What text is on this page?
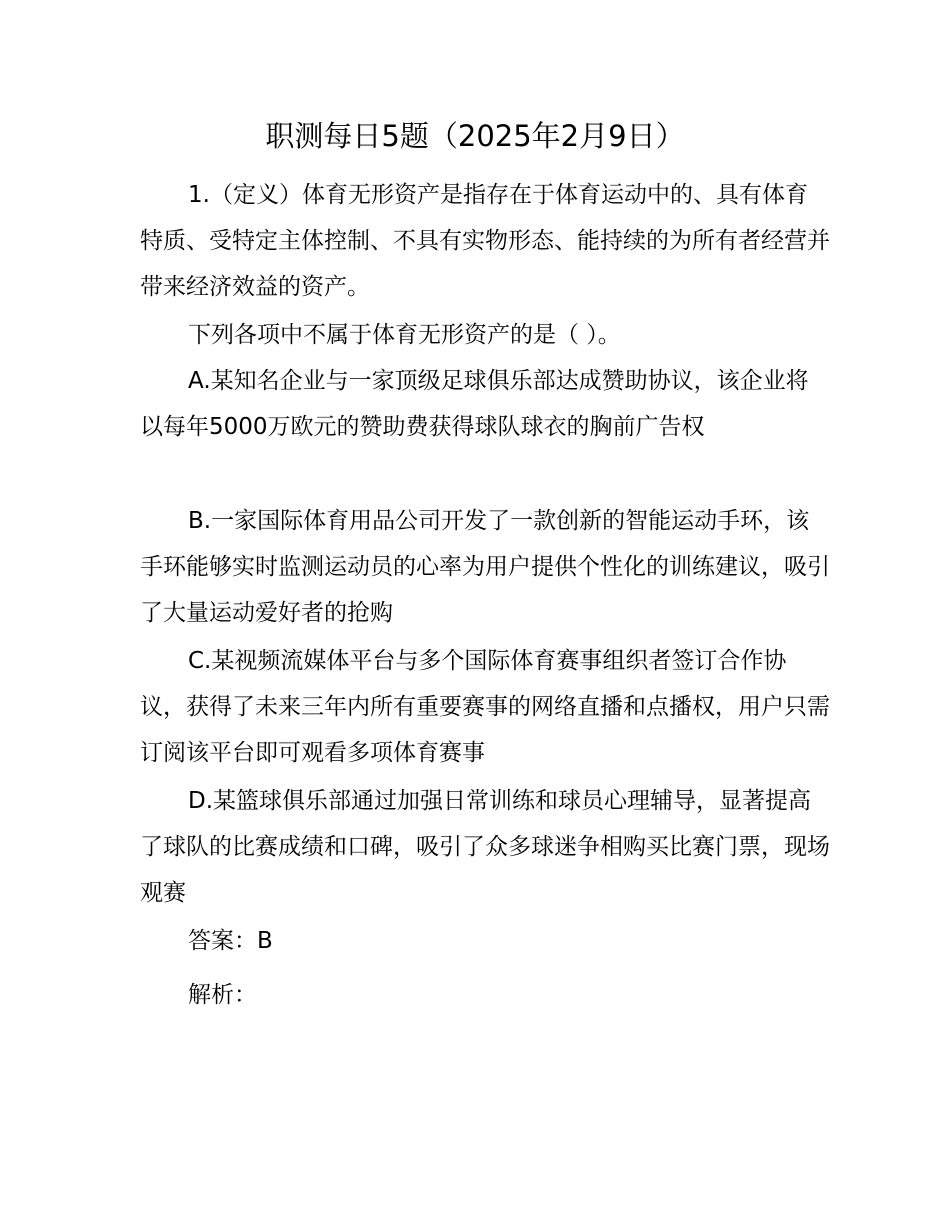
职测每日5题（2025年2月9日）
1.（定义）体育无形资产是指存在于体育运动中的、具有体育特质、受特定主体控制、不具有实物形态、能持续的为所有者经营并带来经济效益的资产。
下列各项中不属于体育无形资产的是（ ）。
A.某知名企业与一家顶级足球俱乐部达成赞助协议，该企业将以每年5000万欧元的赞助费获得球队球衣的胸前广告权
B.一家国际体育用品公司开发了一款创新的智能运动手环，该手环能够实时监测运动员的心率为用户提供个性化的训练建议，吸引了大量运动爱好者的抢购
C.某视频流媒体平台与多个国际体育赛事组织者签订合作协议，获得了未来三年内所有重要赛事的网络直播和点播权，用户只需订阅该平台即可观看多项体育赛事
D.某篮球俱乐部通过加强日常训练和球员心理辅导，显著提高了球队的比赛成绩和口碑，吸引了众多球迷争相购买比赛门票，现场观赛
答案：B
解析：
